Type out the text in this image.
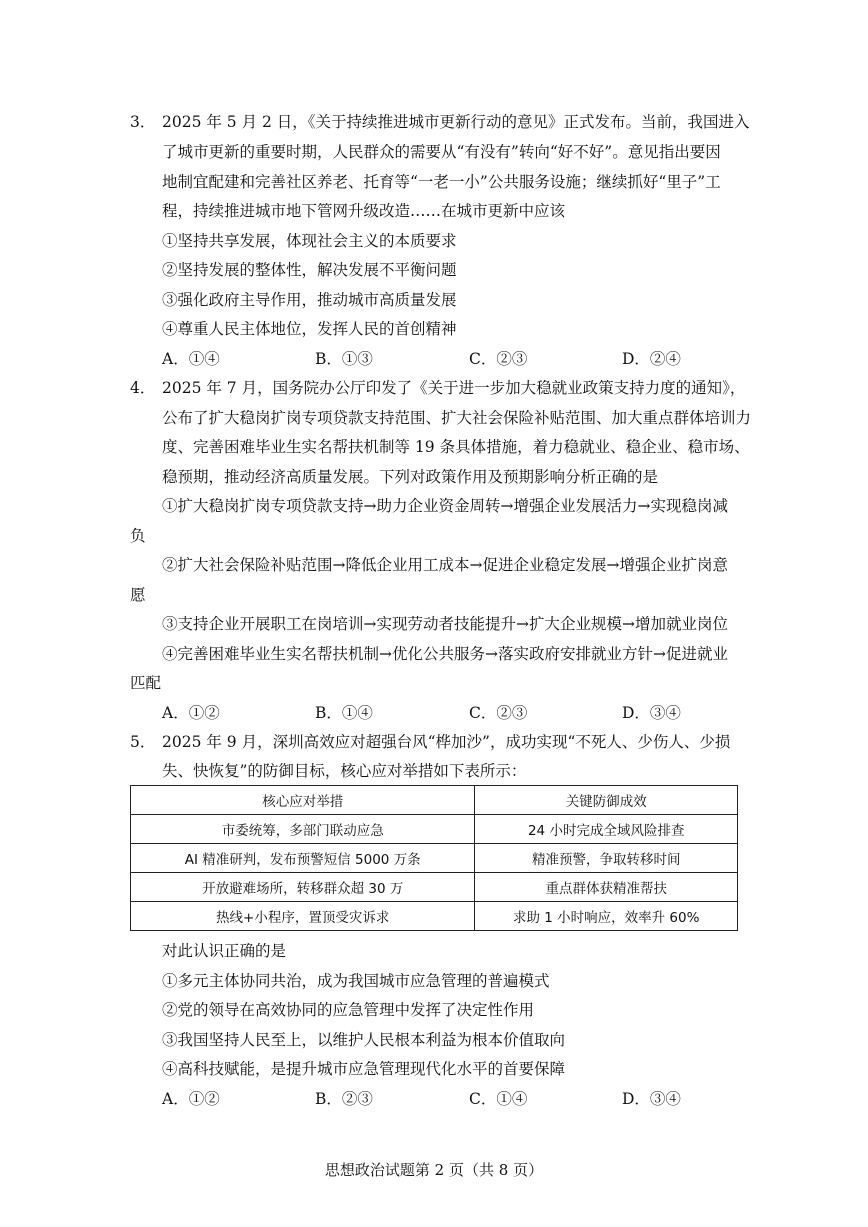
3． 2025 年 5 月 2 日，《关于持续推进城市更新行动的意见》正式发布。当前，我国进入
了城市更新的重要时期，人民群众的需要从“有没有”转向“好不好”。意见指出要因
地制宜配建和完善社区养老、托育等“一老一小”公共服务设施；继续抓好“里子”工
程，持续推进城市地下管网升级改造……在城市更新中应该
①坚持共享发展，体现社会主义的本质要求
②坚持发展的整体性，解决发展不平衡问题
③强化政府主导作用，推动城市高质量发展
④尊重人民主体地位，发挥人民的首创精神
A．①④	B．①③	C．②③	D．②④
4． 2025 年 7 月，国务院办公厅印发了《关于进一步加大稳就业政策支持力度的通知》，
公布了扩大稳岗扩岗专项贷款支持范围、扩大社会保险补贴范围、加大重点群体培训力
度、完善困难毕业生实名帮扶机制等 19 条具体措施，着力稳就业、稳企业、稳市场、
稳预期，推动经济高质量发展。下列对政策作用及预期影响分析正确的是
①扩大稳岗扩岗专项贷款支持→助力企业资金周转→增强企业发展活力→实现稳岗减
负
②扩大社会保险补贴范围→降低企业用工成本→促进企业稳定发展→增强企业扩岗意
愿
③支持企业开展职工在岗培训→实现劳动者技能提升→扩大企业规模→增加就业岗位
④完善困难毕业生实名帮扶机制→优化公共服务→落实政府安排就业方针→促进就业
匹配
A．①②	B．①④	C．②③	D．③④
5． 2025 年 9 月，深圳高效应对超强台风“桦加沙”，成功实现“不死人、少伤人、少损
失、快恢复”的防御目标，核心应对举措如下表所示：
核心应对举措	关键防御成效
市委统筹，多部门联动应急	24 小时完成全域风险排查
AI 精准研判，发布预警短信 5000 万条	精准预警，争取转移时间
开放避难场所，转移群众超 30 万	重点群体获精准帮扶
热线+小程序，置顶受灾诉求	求助 1 小时响应，效率升 60%
对此认识正确的是
①多元主体协同共治，成为我国城市应急管理的普遍模式
②党的领导在高效协同的应急管理中发挥了决定性作用
③我国坚持人民至上，以维护人民根本利益为根本价值取向
④高科技赋能，是提升城市应急管理现代化水平的首要保障
A．①②	B．②③	C．①④	D．③④
思想政治试题第 2 页（共 8 页）
